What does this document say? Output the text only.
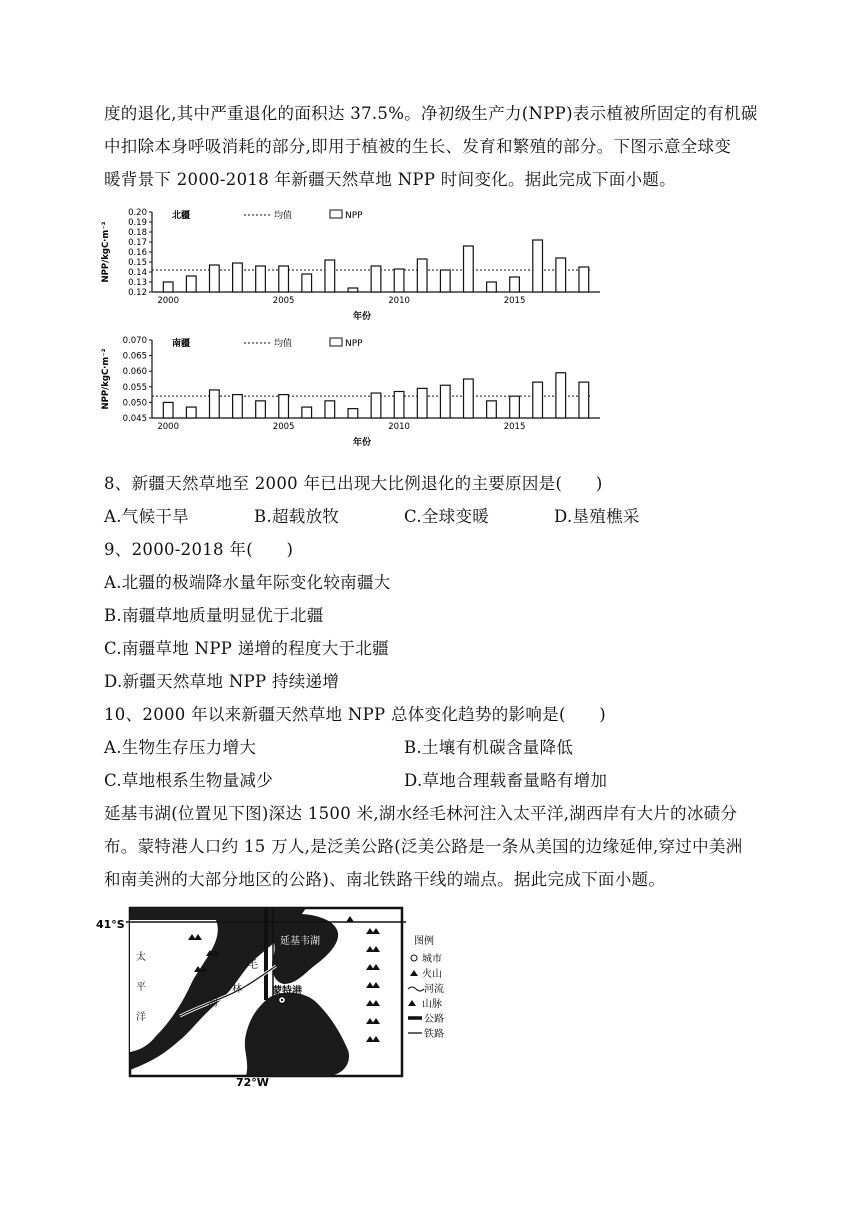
度的退化,其中严重退化的面积达 37.5%。净初级生产力(NPP)表示植被所固定的有机碳
中扣除本身呼吸消耗的部分,即用于植被的生长、发育和繁殖的部分。下图示意全球变
暖背景下 2000-2018 年新疆天然草地 NPP 时间变化。据此完成下面小题。
0.12
0.13
0.14
0.15
0.16
0.17
0.18
0.19
0.20
2000	2005	2010	2015
年份
NPP/kgC·m⁻²
北疆	均值	NPP
0.045
0.050
0.055
0.060
0.065
0.070
2000	2005	2010	2015
年份
NPP/kgC·m⁻²
南疆	均值	NPP
8、新疆天然草地至 2000 年已出现大比例退化的主要原因是(　　)
A.气候干旱	B.超载放牧	C.全球变暖	D.垦殖樵采
9、2000-2018 年(　　)
A.北疆的极端降水量年际变化较南疆大
B.南疆草地质量明显优于北疆
C.南疆草地 NPP 递增的程度大于北疆
D.新疆天然草地 NPP 持续递增
10、2000 年以来新疆天然草地 NPP 总体变化趋势的影响是(　　)
A.生物生存压力增大	B.土壤有机碳含量降低
C.草地根系生物量减少	D.草地合理载畜量略有增加
延基韦湖(位置见下图)深达 1500 米,湖水经毛林河注入太平洋,湖西岸有大片的冰碛分
布。蒙特港人口约 15 万人,是泛美公路(泛美公路是一条从美国的边缘延伸,穿过中美洲
和南美洲的大部分地区的公路)、南北铁路干线的端点。据此完成下面小题。
41°S
72°W
延基韦湖
蒙特港
毛
林
河
太
平
洋
图例
城市
火山
河流
山脉
公路
铁路
